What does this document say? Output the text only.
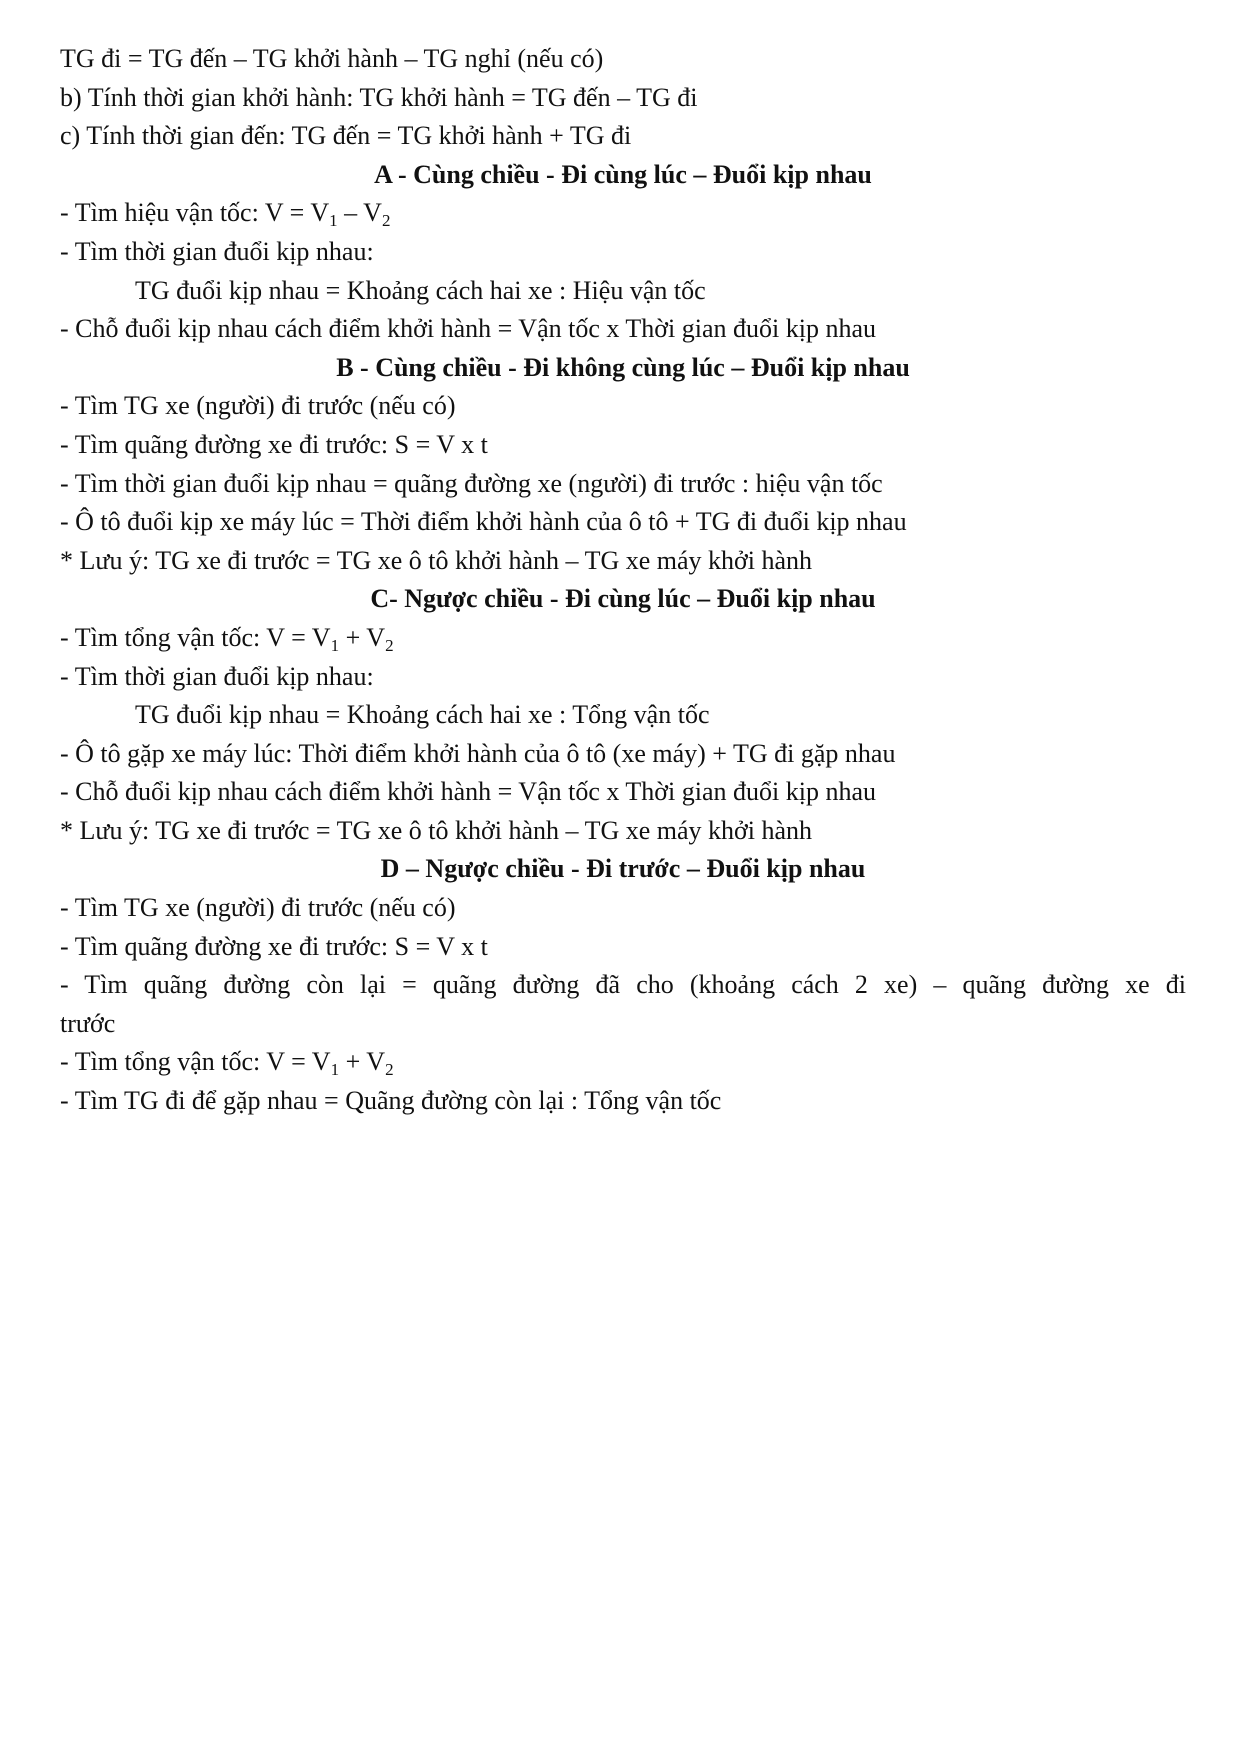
TG đi = TG đến – TG khởi hành – TG nghỉ (nếu có)
b) Tính thời gian khởi hành: TG khởi hành = TG đến – TG đi
c) Tính thời gian đến: TG đến = TG khởi hành + TG đi
A - Cùng chiều - Đi cùng lúc – Đuổi kịp nhau
- Tìm hiệu vận tốc: $V = V_1 - V_2$
- Tìm thời gian đuổi kịp nhau:
TG đuổi kịp nhau = Khoảng cách hai xe : Hiệu vận tốc
- Chỗ đuổi kịp nhau cách điểm khởi hành = Vận tốc x Thời gian đuổi kịp nhau
B - Cùng chiều - Đi không cùng lúc – Đuổi kịp nhau
- Tìm TG xe (người) đi trước (nếu có)
- Tìm quãng đường xe đi trước: S = V x t
- Tìm thời gian đuổi kịp nhau = quãng đường xe (người) đi trước : hiệu vận tốc
- Ô tô đuổi kịp xe máy lúc = Thời điểm khởi hành của ô tô + TG đi đuổi kịp nhau
* Lưu ý: TG xe đi trước = TG xe ô tô khởi hành – TG xe máy khởi hành
C- Ngược chiều - Đi cùng lúc – Đuổi kịp nhau
- Tìm tổng vận tốc: $V = V_1 + V_2$
- Tìm thời gian đuổi kịp nhau:
TG đuổi kịp nhau = Khoảng cách hai xe : Tổng vận tốc
- Ô tô gặp xe máy lúc: Thời điểm khởi hành của ô tô (xe máy) + TG đi gặp nhau
- Chỗ đuổi kịp nhau cách điểm khởi hành = Vận tốc x Thời gian đuổi kịp nhau
* Lưu ý: TG xe đi trước = TG xe ô tô khởi hành – TG xe máy khởi hành
D – Ngược chiều - Đi trước – Đuổi kịp nhau
- Tìm TG xe (người) đi trước (nếu có)
- Tìm quãng đường xe đi trước: S = V x t
- Tìm quãng đường còn lại = quãng đường đã cho (khoảng cách 2 xe) – quãng đường xe đi
trước
- Tìm tổng vận tốc: $V = V_1 + V_2$
- Tìm TG đi để gặp nhau = Quãng đường còn lại : Tổng vận tốc
